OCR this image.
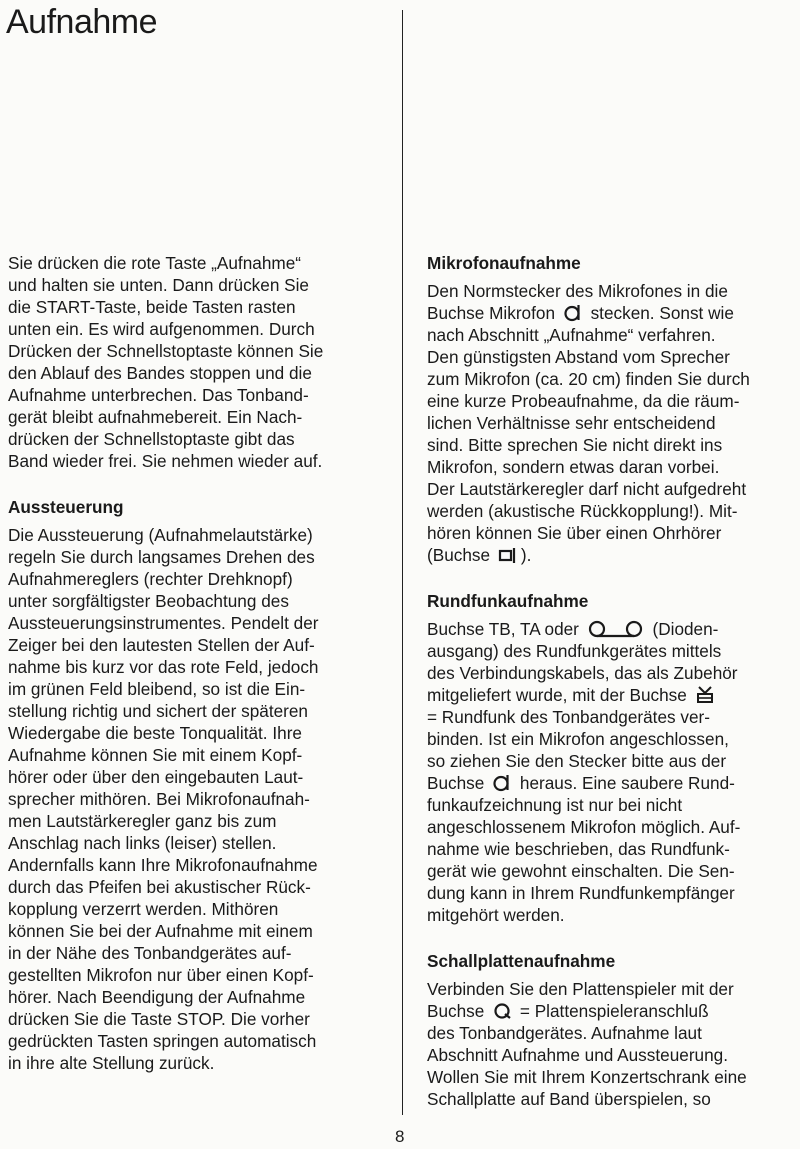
Aufnahme
Sie drücken die rote Taste „Aufnahme“
und halten sie unten. Dann drücken Sie
die START-Taste, beide Tasten rasten
unten ein. Es wird aufgenommen. Durch
Drücken der Schnellstoptaste können Sie
den Ablauf des Bandes stoppen und die
Aufnahme unterbrechen. Das Tonband-
gerät bleibt aufnahmebereit. Ein Nach-
drücken der Schnellstoptaste gibt das
Band wieder frei. Sie nehmen wieder auf.
Aussteuerung
Die Aussteuerung (Aufnahmelautstärke)
regeln Sie durch langsames Drehen des
Aufnahmereglers (rechter Drehknopf)
unter sorgfältigster Beobachtung des
Aussteuerungsinstrumentes. Pendelt der
Zeiger bei den lautesten Stellen der Auf-
nahme bis kurz vor das rote Feld, jedoch
im grünen Feld bleibend, so ist die Ein-
stellung richtig und sichert der späteren
Wiedergabe die beste Tonqualität. Ihre
Aufnahme können Sie mit einem Kopf-
hörer oder über den eingebauten Laut-
sprecher mithören. Bei Mikrofonaufnah-
men Lautstärkeregler ganz bis zum
Anschlag nach links (leiser) stellen.
Andernfalls kann Ihre Mikrofonaufnahme
durch das Pfeifen bei akustischer Rück-
kopplung verzerrt werden. Mithören
können Sie bei der Aufnahme mit einem
in der Nähe des Tonbandgerätes auf-
gestellten Mikrofon nur über einen Kopf-
hörer. Nach Beendigung der Aufnahme
drücken Sie die Taste STOP. Die vorher
gedrückten Tasten springen automatisch
in ihre alte Stellung zurück.
Mikrofonaufnahme
Den Normstecker des Mikrofones in die
Buchse Mikrofon stecken. Sonst wie
nach Abschnitt „Aufnahme“ verfahren.
Den günstigsten Abstand vom Sprecher
zum Mikrofon (ca. 20 cm) finden Sie durch
eine kurze Probeaufnahme, da die räum-
lichen Verhältnisse sehr entscheidend
sind. Bitte sprechen Sie nicht direkt ins
Mikrofon, sondern etwas daran vorbei.
Der Lautstärkeregler darf nicht aufgedreht
werden (akustische Rückkopplung!). Mit-
hören können Sie über einen Ohrhörer
(Buchse ).
Rundfunkaufnahme
Buchse TB, TA oder	(Dioden-
ausgang) des Rundfunkgerätes mittels
des Verbindungskabels, das als Zubehör
mitgeliefert wurde, mit der Buchse
= Rundfunk des Tonbandgerätes ver-
binden. Ist ein Mikrofon angeschlossen,
so ziehen Sie den Stecker bitte aus der
Buchse heraus. Eine saubere Rund-
funkaufzeichnung ist nur bei nicht
angeschlossenem Mikrofon möglich. Auf-
nahme wie beschrieben, das Rundfunk-
gerät wie gewohnt einschalten. Die Sen-
dung kann in Ihrem Rundfunkempfänger
mitgehört werden.
Schallplattenaufnahme
Verbinden Sie den Plattenspieler mit der
Buchse = Plattenspieleranschluß
des Tonbandgerätes. Aufnahme laut
Abschnitt Aufnahme und Aussteuerung.
Wollen Sie mit Ihrem Konzertschrank eine
Schallplatte auf Band überspielen, so
8
